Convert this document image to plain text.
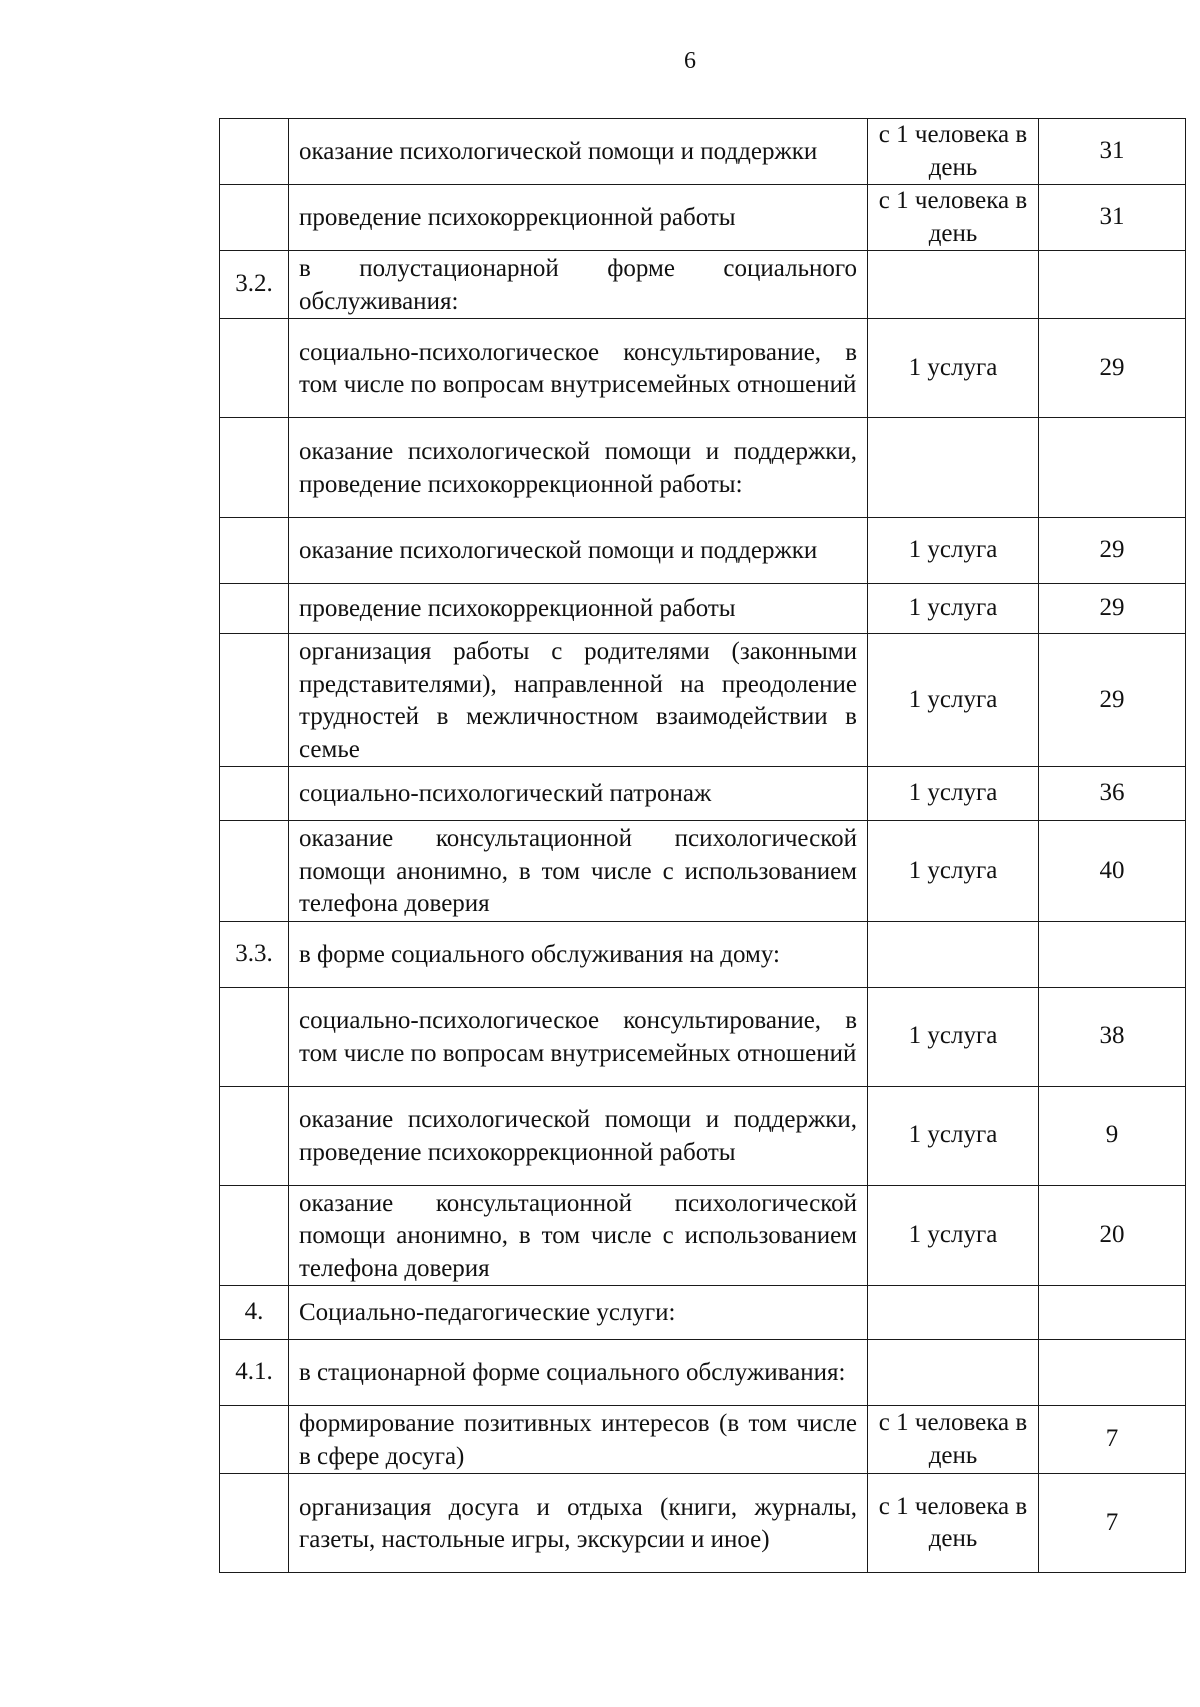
6
	оказание психологической помощи и поддержки	с 1 человека в день	31
	проведение психокоррекционной работы	с 1 человека в день	31
3.2.	в полустационарной форме социального обслуживания:		
	социально-психологическое консультирование, в том числе по вопросам внутрисемейных отношений	1 услуга	29
	оказание психологической помощи и поддержки, проведение психокоррекционной работы:		
	оказание психологической помощи и поддержки	1 услуга	29
	проведение психокоррекционной работы	1 услуга	29
	организация работы с родителями (законными представителями), направленной на преодоление трудностей в межличностном взаимодействии в семье	1 услуга	29
	социально-психологический патронаж	1 услуга	36
	оказание консультационной психологической помощи анонимно, в том числе с использованием телефона доверия	1 услуга	40
3.3.	в форме социального обслуживания на дому:		
	социально-психологическое консультирование, в том числе по вопросам внутрисемейных отношений	1 услуга	38
	оказание психологической помощи и поддержки, проведение психокоррекционной работы	1 услуга	9
	оказание консультационной психологической помощи анонимно, в том числе с использованием телефона доверия	1 услуга	20
4.	Социально-педагогические услуги:		
4.1.	в стационарной форме социального обслуживания:		
	формирование позитивных интересов (в том числе в сфере досуга)	с 1 человека в день	7
	организация досуга и отдыха (книги, журналы, газеты, настольные игры, экскурсии и иное)	с 1 человека в день	7
